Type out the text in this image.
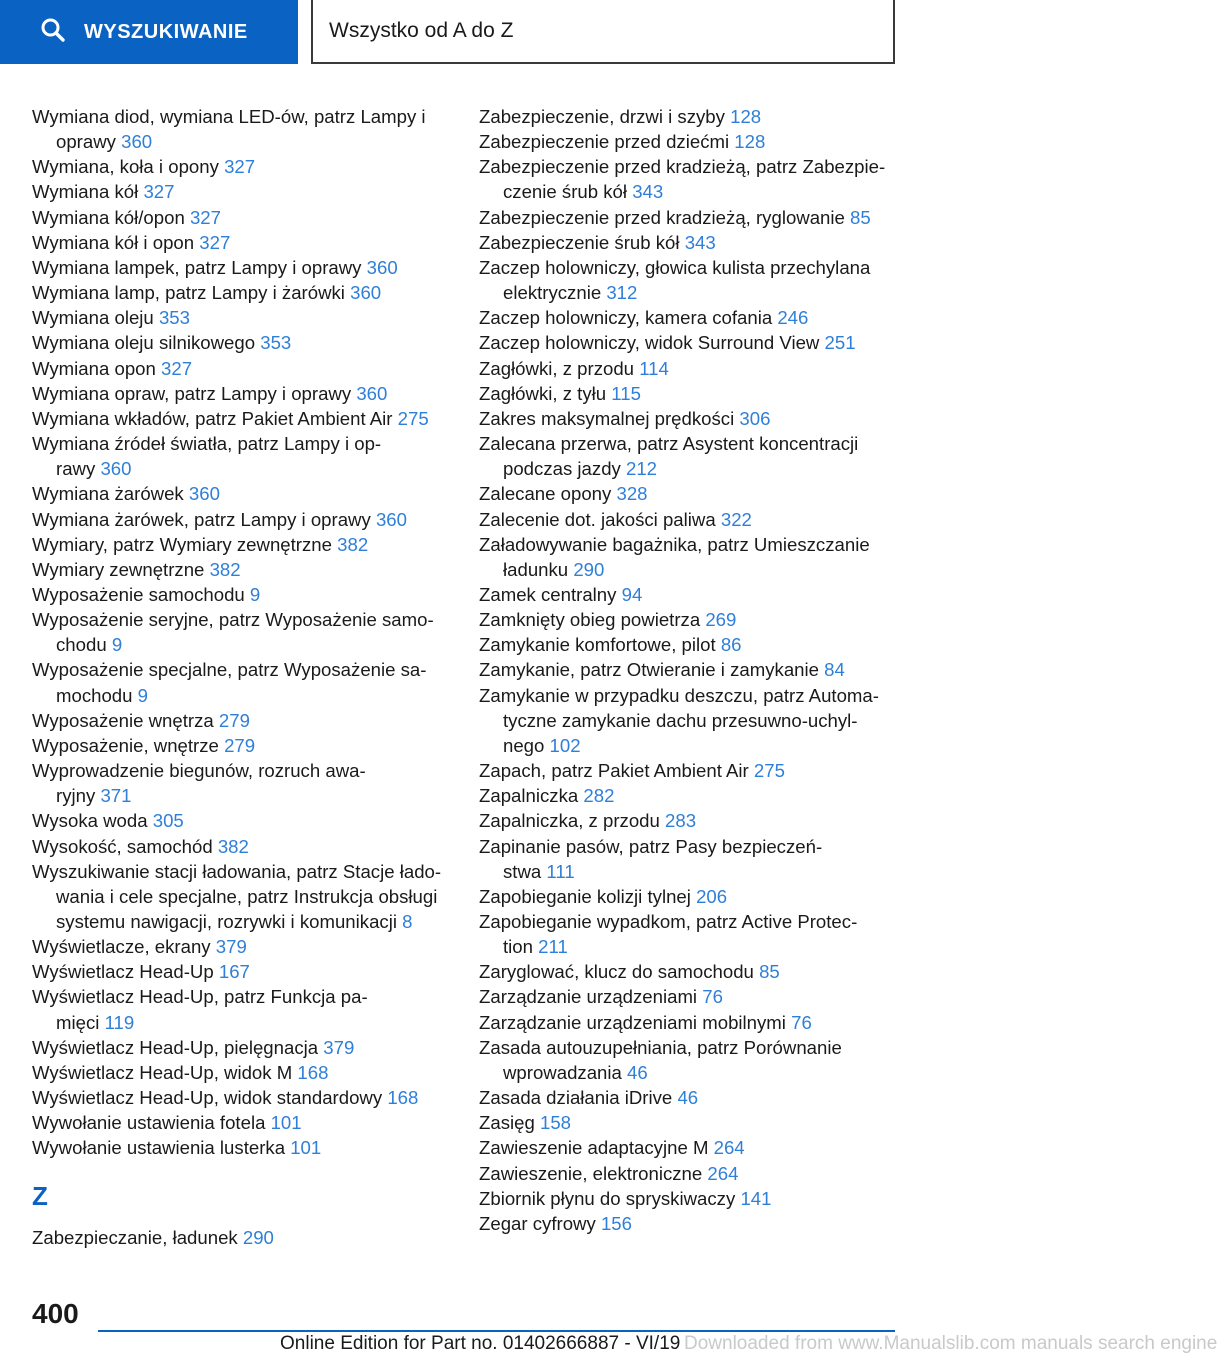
WYSZUKIWANIE	Wszystko od A do Z
Wymiana diod, wymiana LED-ów, patrz Lampy i
oprawy 360
Wymiana, koła i opony 327
Wymiana kół 327
Wymiana kół/opon 327
Wymiana kół i opon 327
Wymiana lampek, patrz Lampy i oprawy 360
Wymiana lamp, patrz Lampy i żarówki 360
Wymiana oleju 353
Wymiana oleju silnikowego 353
Wymiana opon 327
Wymiana opraw, patrz Lampy i oprawy 360
Wymiana wkładów, patrz Pakiet Ambient Air 275
Wymiana źródeł światła, patrz Lampy i op-
rawy 360
Wymiana żarówek 360
Wymiana żarówek, patrz Lampy i oprawy 360
Wymiary, patrz Wymiary zewnętrzne 382
Wymiary zewnętrzne 382
Wyposażenie samochodu 9
Wyposażenie seryjne, patrz Wyposażenie samo-
chodu 9
Wyposażenie specjalne, patrz Wyposażenie sa-
mochodu 9
Wyposażenie wnętrza 279
Wyposażenie, wnętrze 279
Wyprowadzenie biegunów, rozruch awa-
ryjny 371
Wysoka woda 305
Wysokość, samochód 382
Wyszukiwanie stacji ładowania, patrz Stacje łado-
wania i cele specjalne, patrz Instrukcja obsługi
systemu nawigacji, rozrywki i komunikacji 8
Wyświetlacze, ekrany 379
Wyświetlacz Head-Up 167
Wyświetlacz Head-Up, patrz Funkcja pa-
mięci 119
Wyświetlacz Head-Up, pielęgnacja 379
Wyświetlacz Head-Up, widok M 168
Wyświetlacz Head-Up, widok standardowy 168
Wywołanie ustawienia fotela 101
Wywołanie ustawienia lusterka 101
Z
Zabezpieczanie, ładunek 290
Zabezpieczenie, drzwi i szyby 128
Zabezpieczenie przed dziećmi 128
Zabezpieczenie przed kradzieżą, patrz Zabezpie-
czenie śrub kół 343
Zabezpieczenie przed kradzieżą, ryglowanie 85
Zabezpieczenie śrub kół 343
Zaczep holowniczy, głowica kulista przechylana
elektrycznie 312
Zaczep holowniczy, kamera cofania 246
Zaczep holowniczy, widok Surround View 251
Zagłówki, z przodu 114
Zagłówki, z tyłu 115
Zakres maksymalnej prędkości 306
Zalecana przerwa, patrz Asystent koncentracji
podczas jazdy 212
Zalecane opony 328
Zalecenie dot. jakości paliwa 322
Załadowywanie bagażnika, patrz Umieszczanie
ładunku 290
Zamek centralny 94
Zamknięty obieg powietrza 269
Zamykanie komfortowe, pilot 86
Zamykanie, patrz Otwieranie i zamykanie 84
Zamykanie w przypadku deszczu, patrz Automa-
tyczne zamykanie dachu przesuwno-uchyl-
nego 102
Zapach, patrz Pakiet Ambient Air 275
Zapalniczka 282
Zapalniczka, z przodu 283
Zapinanie pasów, patrz Pasy bezpieczeń-
stwa 111
Zapobieganie kolizji tylnej 206
Zapobieganie wypadkom, patrz Active Protec-
tion 211
Zaryglować, klucz do samochodu 85
Zarządzanie urządzeniami 76
Zarządzanie urządzeniami mobilnymi 76
Zasada autouzupełniania, patrz Porównanie
wprowadzania 46
Zasada działania iDrive 46
Zasięg 158
Zawieszenie adaptacyjne M 264
Zawieszenie, elektroniczne 264
Zbiornik płynu do spryskiwaczy 141
Zegar cyfrowy 156
400
Online Edition for Part no. 01402666887 - VI/19 Downloaded from www.Manualslib.com manuals search engine
